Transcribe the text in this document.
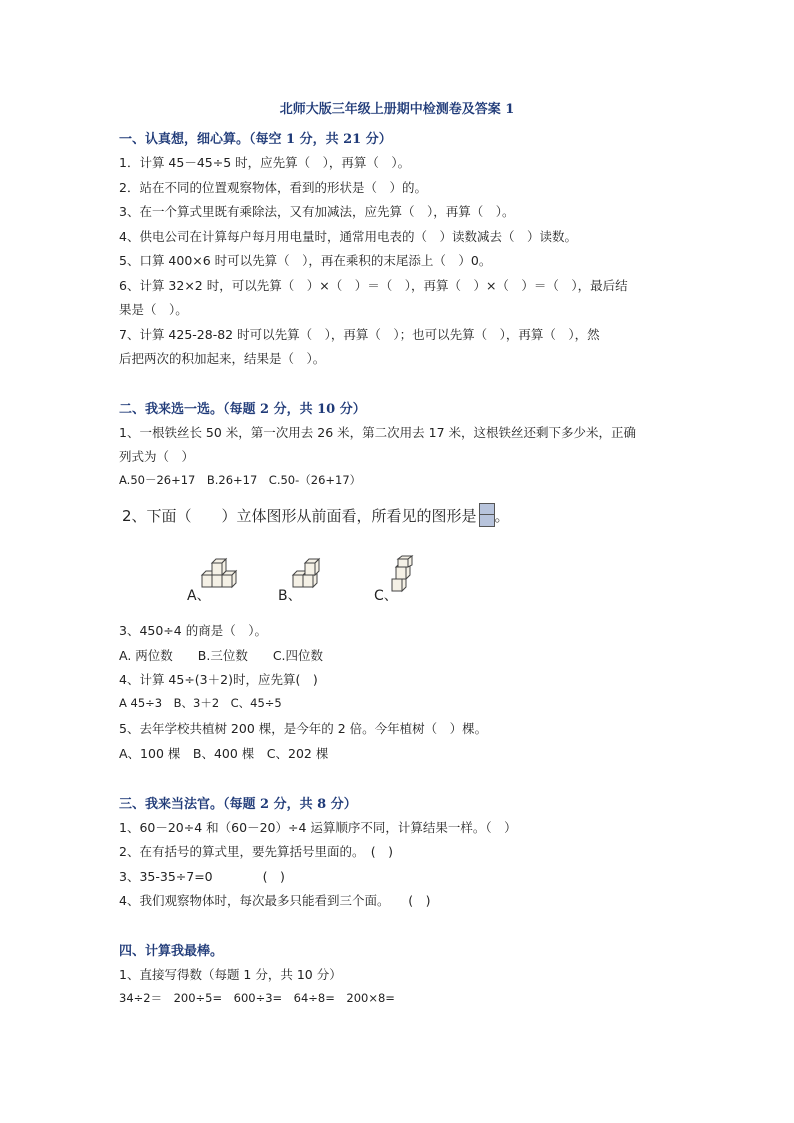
北师大版三年级上册期中检测卷及答案 1
一、认真想，细心算。（每空 1 分，共 21 分）
1．计算 45－45÷5 时，应先算（　），再算（　）。
2．站在不同的位置观察物体，看到的形状是（　）的。
3、在一个算式里既有乘除法，又有加减法，应先算（　），再算（　）。
4、供电公司在计算每户每月用电量时，通常用电表的（　）读数减去（　）读数。
5、口算 400×6 时可以先算（　），再在乘积的末尾添上（　）0。
6、计算 32×2 时，可以先算（　）×（　）＝（　），再算（　）×（　）＝（　），最后结
果是（　）。
7、计算 425-28-82 时可以先算（　），再算（　）；也可以先算（　），再算（　），然
后把两次的积加起来，结果是（　）。
二、我来选一选。（每题 2 分，共 10 分）
1、一根铁丝长 50 米，第一次用去 26 米，第二次用去 17 米，这根铁丝还剩下多少米，正确
列式为（　）
A.50－26+17　B.26+17　C.50-（26+17）
2、下面（　　）立体图形从前面看，所看见的图形是 。
A、	B、	C、
3、450÷4 的商是（　）。
A. 两位数　　B.三位数　　C.四位数
4、计算 45÷(3＋2)时，应先算(　)
A 45÷3　B、3＋2　C、45÷5
5、去年学校共植树 200 棵，是今年的 2 倍。今年植树（　）棵。
A、100 棵　B、400 棵　C、202 棵
三、我来当法官。（每题 2 分，共 8 分）
1、60－20÷4 和（60－20）÷4 运算顺序不同，计算结果一样。（　）
2、在有括号的算式里，要先算括号里面的。　(　)
3、35-35÷7=0　　　　(　)
4、我们观察物体时，每次最多只能看到三个面。　　(　)
四、计算我最棒。
1、直接写得数（每题 1 分，共 10 分）
34÷2＝　200÷5=　600÷3=　64÷8=　200×8=
